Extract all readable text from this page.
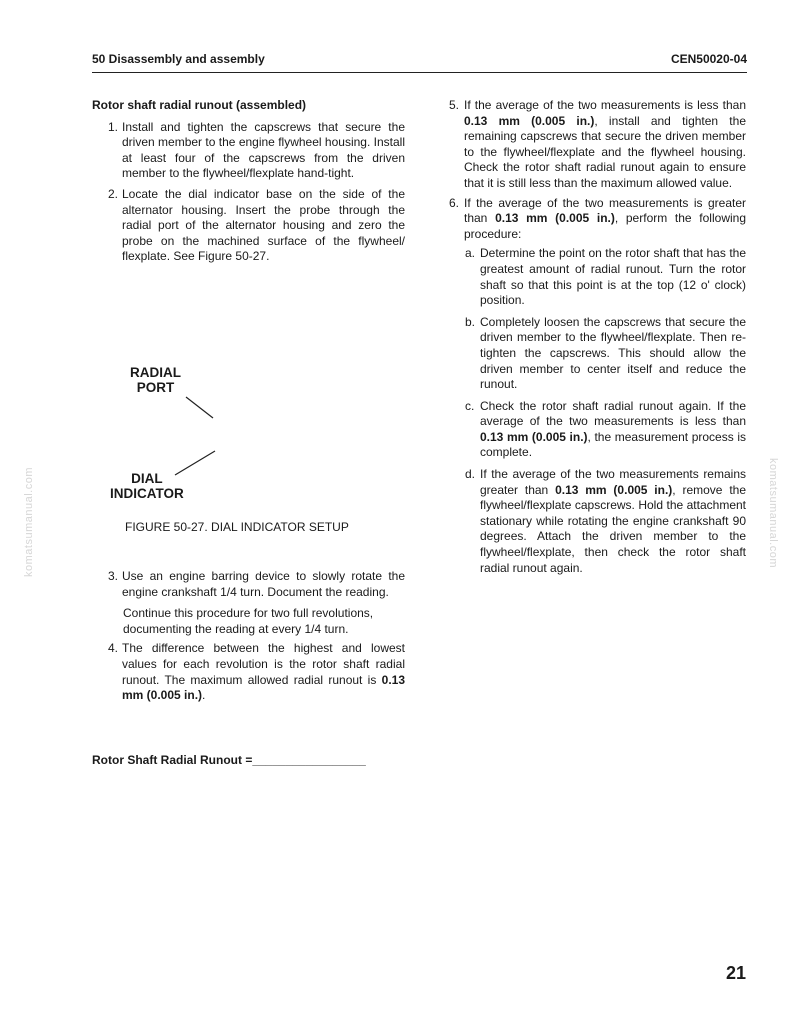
50 Disassembly and assembly	CEN50020-04
Rotor shaft radial runout (assembled)
1. Install and tighten the capscrews that secure the driven member to the engine flywheel housing. Install at least four of the capscrews from the driven member to the flywheel/flexplate hand-tight.
2. Locate the dial indicator base on the side of the alternator housing. Insert the probe through the radial port of the alternator housing and zero the probe on the machined surface of the flywheel/ flexplate. See Figure 50-27.
RADIAL
PORT
DIAL
INDICATOR
FIGURE 50-27. DIAL INDICATOR SETUP
3. Use an engine barring device to slowly rotate the engine crankshaft 1/4 turn. Document the reading.
Continue this procedure for two full revolutions, documenting the reading at every 1/4 turn.
4. The difference between the highest and lowest values for each revolution is the rotor shaft radial runout. The maximum allowed radial runout is 0.13 mm (0.005 in.).
Rotor Shaft Radial Runout =_________________
5. If the average of the two measurements is less than 0.13 mm (0.005 in.), install and tighten the remaining capscrews that secure the driven member to the flywheel/flexplate and the flywheel housing. Check the rotor shaft radial runout again to ensure that it is still less than the maximum allowed value.
6. If the average of the two measurements is greater than 0.13 mm (0.005 in.), perform the following procedure:
a. Determine the point on the rotor shaft that has the greatest amount of radial runout. Turn the rotor shaft so that this point is at the top (12 o' clock) position.
b. Completely loosen the capscrews that secure the driven member to the flywheel/flexplate. Then re-tighten the capscrews. This should allow the driven member to center itself and reduce the runout.
c. Check the rotor shaft radial runout again. If the average of the two measurements is less than 0.13 mm (0.005 in.), the measurement process is complete.
d. If the average of the two measurements remains greater than 0.13 mm (0.005 in.), remove the flywheel/flexplate capscrews. Hold the attachment stationary while rotating the engine crankshaft 90 degrees. Attach the driven member to the flywheel/flexplate, then check the rotor shaft radial runout again.
komatsumanual.com	komatsumanual.com
21
